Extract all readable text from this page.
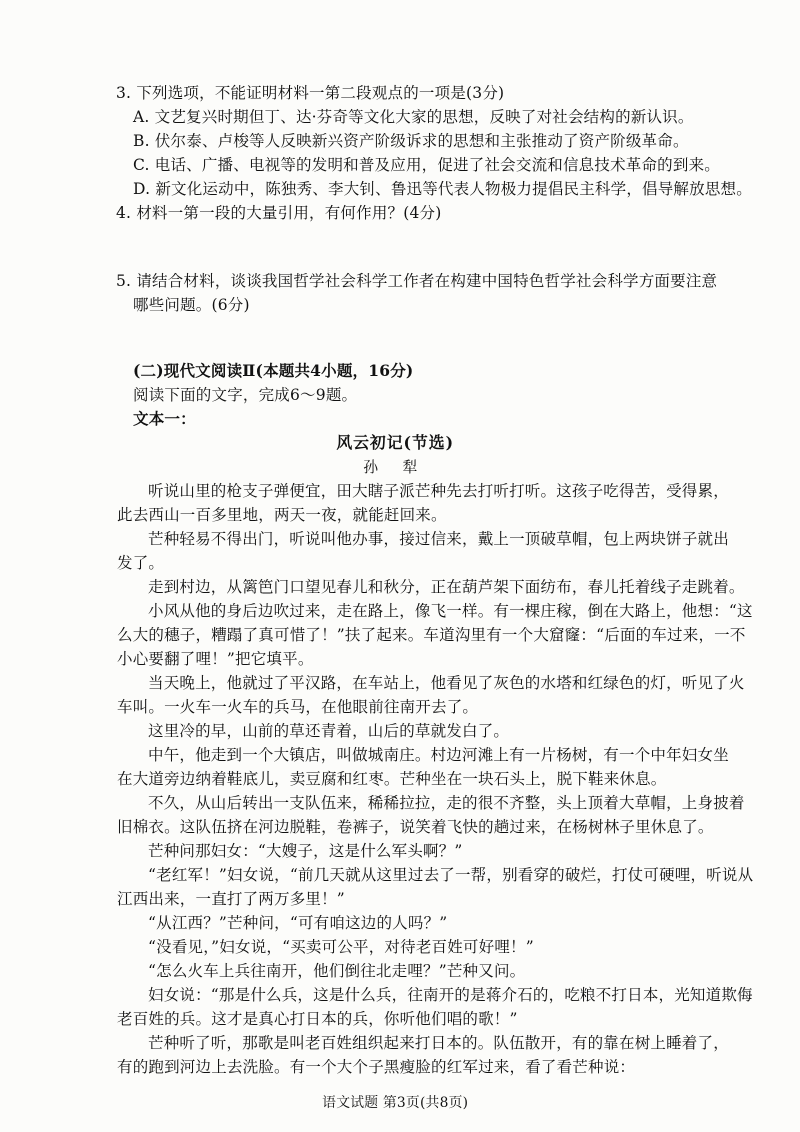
3. 下列选项，不能证明材料一第二段观点的一项是(3分)
A. 文艺复兴时期但丁、达·芬奇等文化大家的思想，反映了对社会结构的新认识。
B. 伏尔泰、卢梭等人反映新兴资产阶级诉求的思想和主张推动了资产阶级革命。
C. 电话、广播、电视等的发明和普及应用，促进了社会交流和信息技术革命的到来。
D. 新文化运动中，陈独秀、李大钊、鲁迅等代表人物极力提倡民主科学，倡导解放思想。
4. 材料一第一段的大量引用，有何作用？(4分)
5. 请结合材料，谈谈我国哲学社会科学工作者在构建中国特色哲学社会科学方面要注意
哪些问题。(6分)
(二)现代文阅读Ⅱ(本题共4小题，16分)
阅读下面的文字，完成6～9题。
文本一：
风云初记(节选)
孙 犁
听说山里的枪支子弹便宜，田大瞎子派芒种先去打听打听。这孩子吃得苦，受得累，
此去西山一百多里地，两天一夜，就能赶回来。
芒种轻易不得出门，听说叫他办事，接过信来，戴上一顶破草帽，包上两块饼子就出
发了。
走到村边，从篱笆门口望见春儿和秋分，正在葫芦架下面纺布，春儿托着线子走跳着。
小风从他的身后边吹过来，走在路上，像飞一样。有一棵庄稼，倒在大路上，他想：“这
么大的穗子，糟蹋了真可惜了！”扶了起来。车道沟里有一个大窟窿：“后面的车过来，一不
小心要翻了哩！”把它填平。
当天晚上，他就过了平汉路，在车站上，他看见了灰色的水塔和红绿色的灯，听见了火
车叫。一火车一火车的兵马，在他眼前往南开去了。
这里冷的早，山前的草还青着，山后的草就发白了。
中午，他走到一个大镇店，叫做城南庄。村边河滩上有一片杨树，有一个中年妇女坐
在大道旁边纳着鞋底儿，卖豆腐和红枣。芒种坐在一块石头上，脱下鞋来休息。
不久，从山后转出一支队伍来，稀稀拉拉，走的很不齐整，头上顶着大草帽，上身披着
旧棉衣。这队伍挤在河边脱鞋，卷裤子，说笑着飞快的趟过来，在杨树林子里休息了。
芒种问那妇女：“大嫂子，这是什么军头啊？”
“老红军！”妇女说，“前几天就从这里过去了一帮，别看穿的破烂，打仗可硬哩，听说从
江西出来，一直打了两万多里！”
“从江西？”芒种问，“可有咱这边的人吗？”
“没看见，”妇女说，“买卖可公平，对待老百姓可好哩！”
“怎么火车上兵往南开，他们倒往北走哩？”芒种又问。
妇女说：“那是什么兵，这是什么兵，往南开的是蒋介石的，吃粮不打日本，光知道欺侮
老百姓的兵。这才是真心打日本的兵，你听他们唱的歌！”
芒种听了听，那歌是叫老百姓组织起来打日本的。队伍散开，有的靠在树上睡着了，
有的跑到河边上去洗脸。有一个大个子黑瘦脸的红军过来，看了看芒种说：
语文试题 第3页(共8页)
